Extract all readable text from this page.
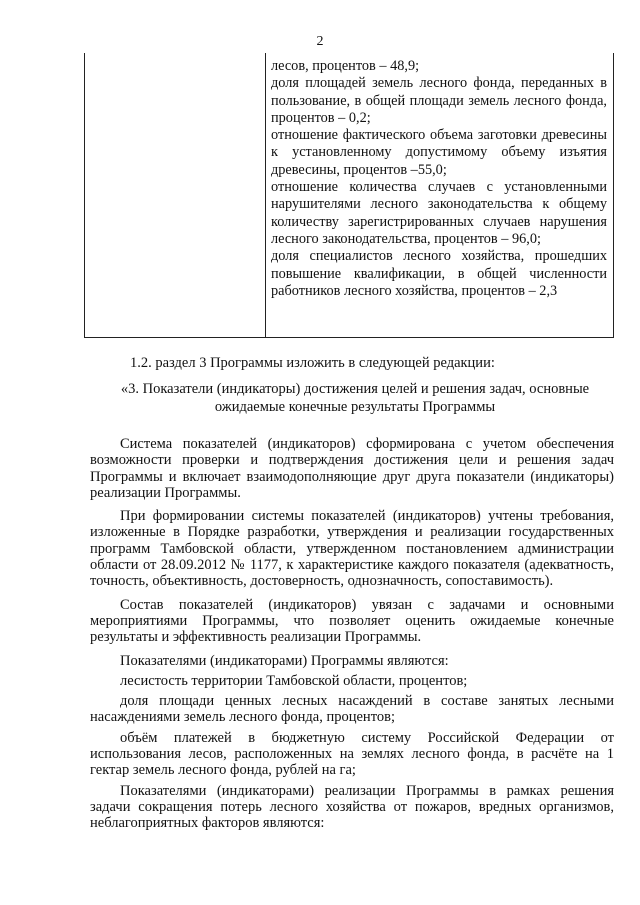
2

лесов, процентов – 48,9;

доля площадей земель лесного фонда, переданных в пользование, в общей площади земель лесного фонда, процентов – 0,2;

отношение фактического объема заготовки древесины к установленному допустимому объему изъятия древесины, процентов –55,0;

отношение количества случаев с установленными нарушителями лесного законодательства к общему количеству зарегистрированных случаев нарушения лесного законодательства, процентов – 96,0;

доля специалистов лесного хозяйства, прошедших повышение квалификации, в общей численности работников лесного хозяйства, процентов – 2,3

1.2. раздел 3 Программы изложить в следующей редакции:
«3. Показатели (индикаторы) достижения целей и решения задач, основные
ожидаемые конечные результаты Программы

Система показателей (индикаторов) сформирована с учетом обеспечения возможности проверки и подтверждения достижения цели и решения задач Программы и включает взаимодополняющие друг друга показатели (индикаторы) реализации Программы.

При формировании системы показателей (индикаторов) учтены требования, изложенные в Порядке разработки, утверждения и реализации государственных программ Тамбовской области, утвержденном постановлением администрации области от 28.09.2012 № 1177, к характеристике каждого показателя (адекватность, точность, объективность, достоверность, однозначность, сопоставимость).

Состав показателей (индикаторов) увязан с задачами и основными мероприятиями Программы, что позволяет оценить ожидаемые конечные результаты и эффективность реализации Программы.

Показателями (индикаторами) Программы являются:

лесистость территории Тамбовской области, процентов;

доля площади ценных лесных насаждений в составе занятых лесными насаждениями земель лесного фонда, процентов;

объём платежей в бюджетную систему Российской Федерации от использования лесов, расположенных на землях лесного фонда, в расчёте на 1 гектар земель лесного фонда, рублей на га;

Показателями (индикаторами) реализации Программы в рамках решения задачи сокращения потерь лесного хозяйства от пожаров, вредных организмов, неблагоприятных факторов являются:
